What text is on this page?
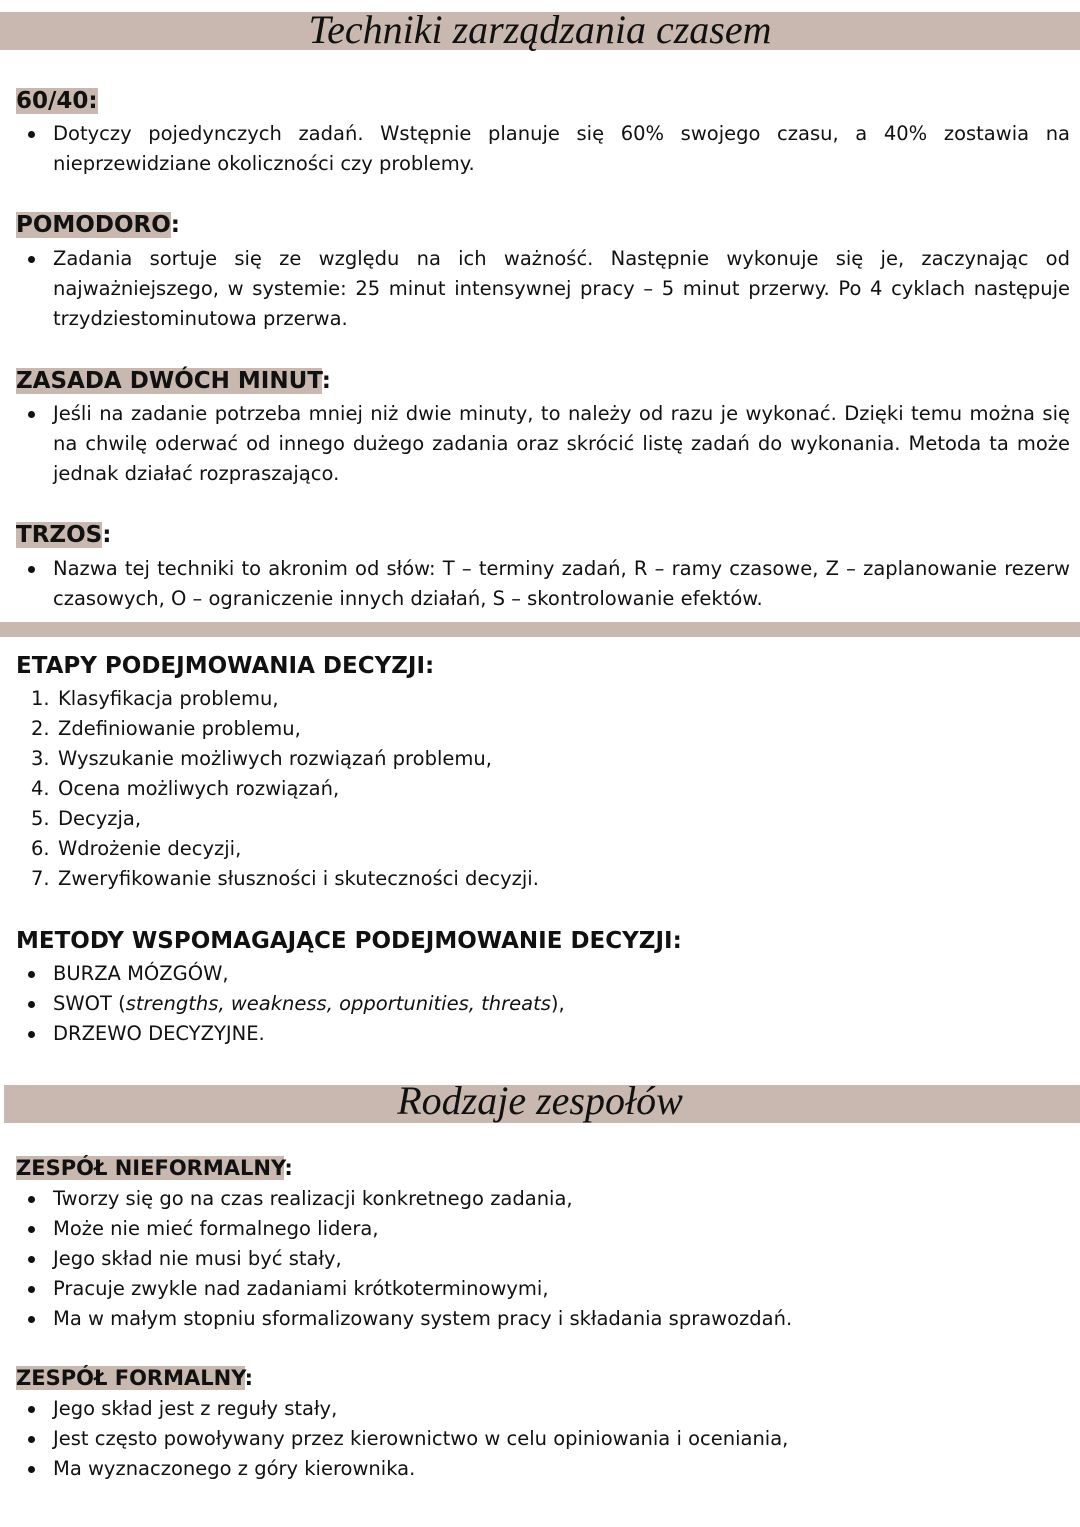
Techniki zarządzania czasem
60/40:
Dotyczy pojedynczych zadań. Wstępnie planuje się 60% swojego czasu, a 40% zostawia na nieprzewidziane okoliczności czy problemy.
POMODORO:
Zadania sortuje się ze względu na ich ważność. Następnie wykonuje się je, zaczynając od najważniejszego, w systemie: 25 minut intensywnej pracy – 5 minut przerwy. Po 4 cyklach następuje trzydziestominutowa przerwa.
ZASADA DWÓCH MINUT:
Jeśli na zadanie potrzeba mniej niż dwie minuty, to należy od razu je wykonać. Dzięki temu można się na chwilę oderwać od innego dużego zadania oraz skrócić listę zadań do wykonania. Metoda ta może jednak działać rozpraszająco.
TRZOS:
Nazwa tej techniki to akronim od słów: T – terminy zadań, R – ramy czasowe, Z – zaplanowanie rezerw czasowych, O – ograniczenie innych działań, S – skontrolowanie efektów.
ETAPY PODEJMOWANIA DECYZJI:
1. Klasyfikacja problemu,
2. Zdefiniowanie problemu,
3. Wyszukanie możliwych rozwiązań problemu,
4. Ocena możliwych rozwiązań,
5. Decyzja,
6. Wdrożenie decyzji,
7. Zweryfikowanie słuszności i skuteczności decyzji.
METODY WSPOMAGAJĄCE PODEJMOWANIE DECYZJI:
BURZA MÓZGÓW,
SWOT (strengths, weakness, opportunities, threats),
DRZEWO DECYZYJNE.
Rodzaje zespołów
ZESPÓŁ NIEFORMALNY:
Tworzy się go na czas realizacji konkretnego zadania,
Może nie mieć formalnego lidera,
Jego skład nie musi być stały,
Pracuje zwykle nad zadaniami krótkoterminowymi,
Ma w małym stopniu sformalizowany system pracy i składania sprawozdań.
ZESPÓŁ FORMALNY:
Jego skład jest z reguły stały,
Jest często powoływany przez kierownictwo w celu opiniowania i oceniania,
Ma wyznaczonego z góry kierownika.
